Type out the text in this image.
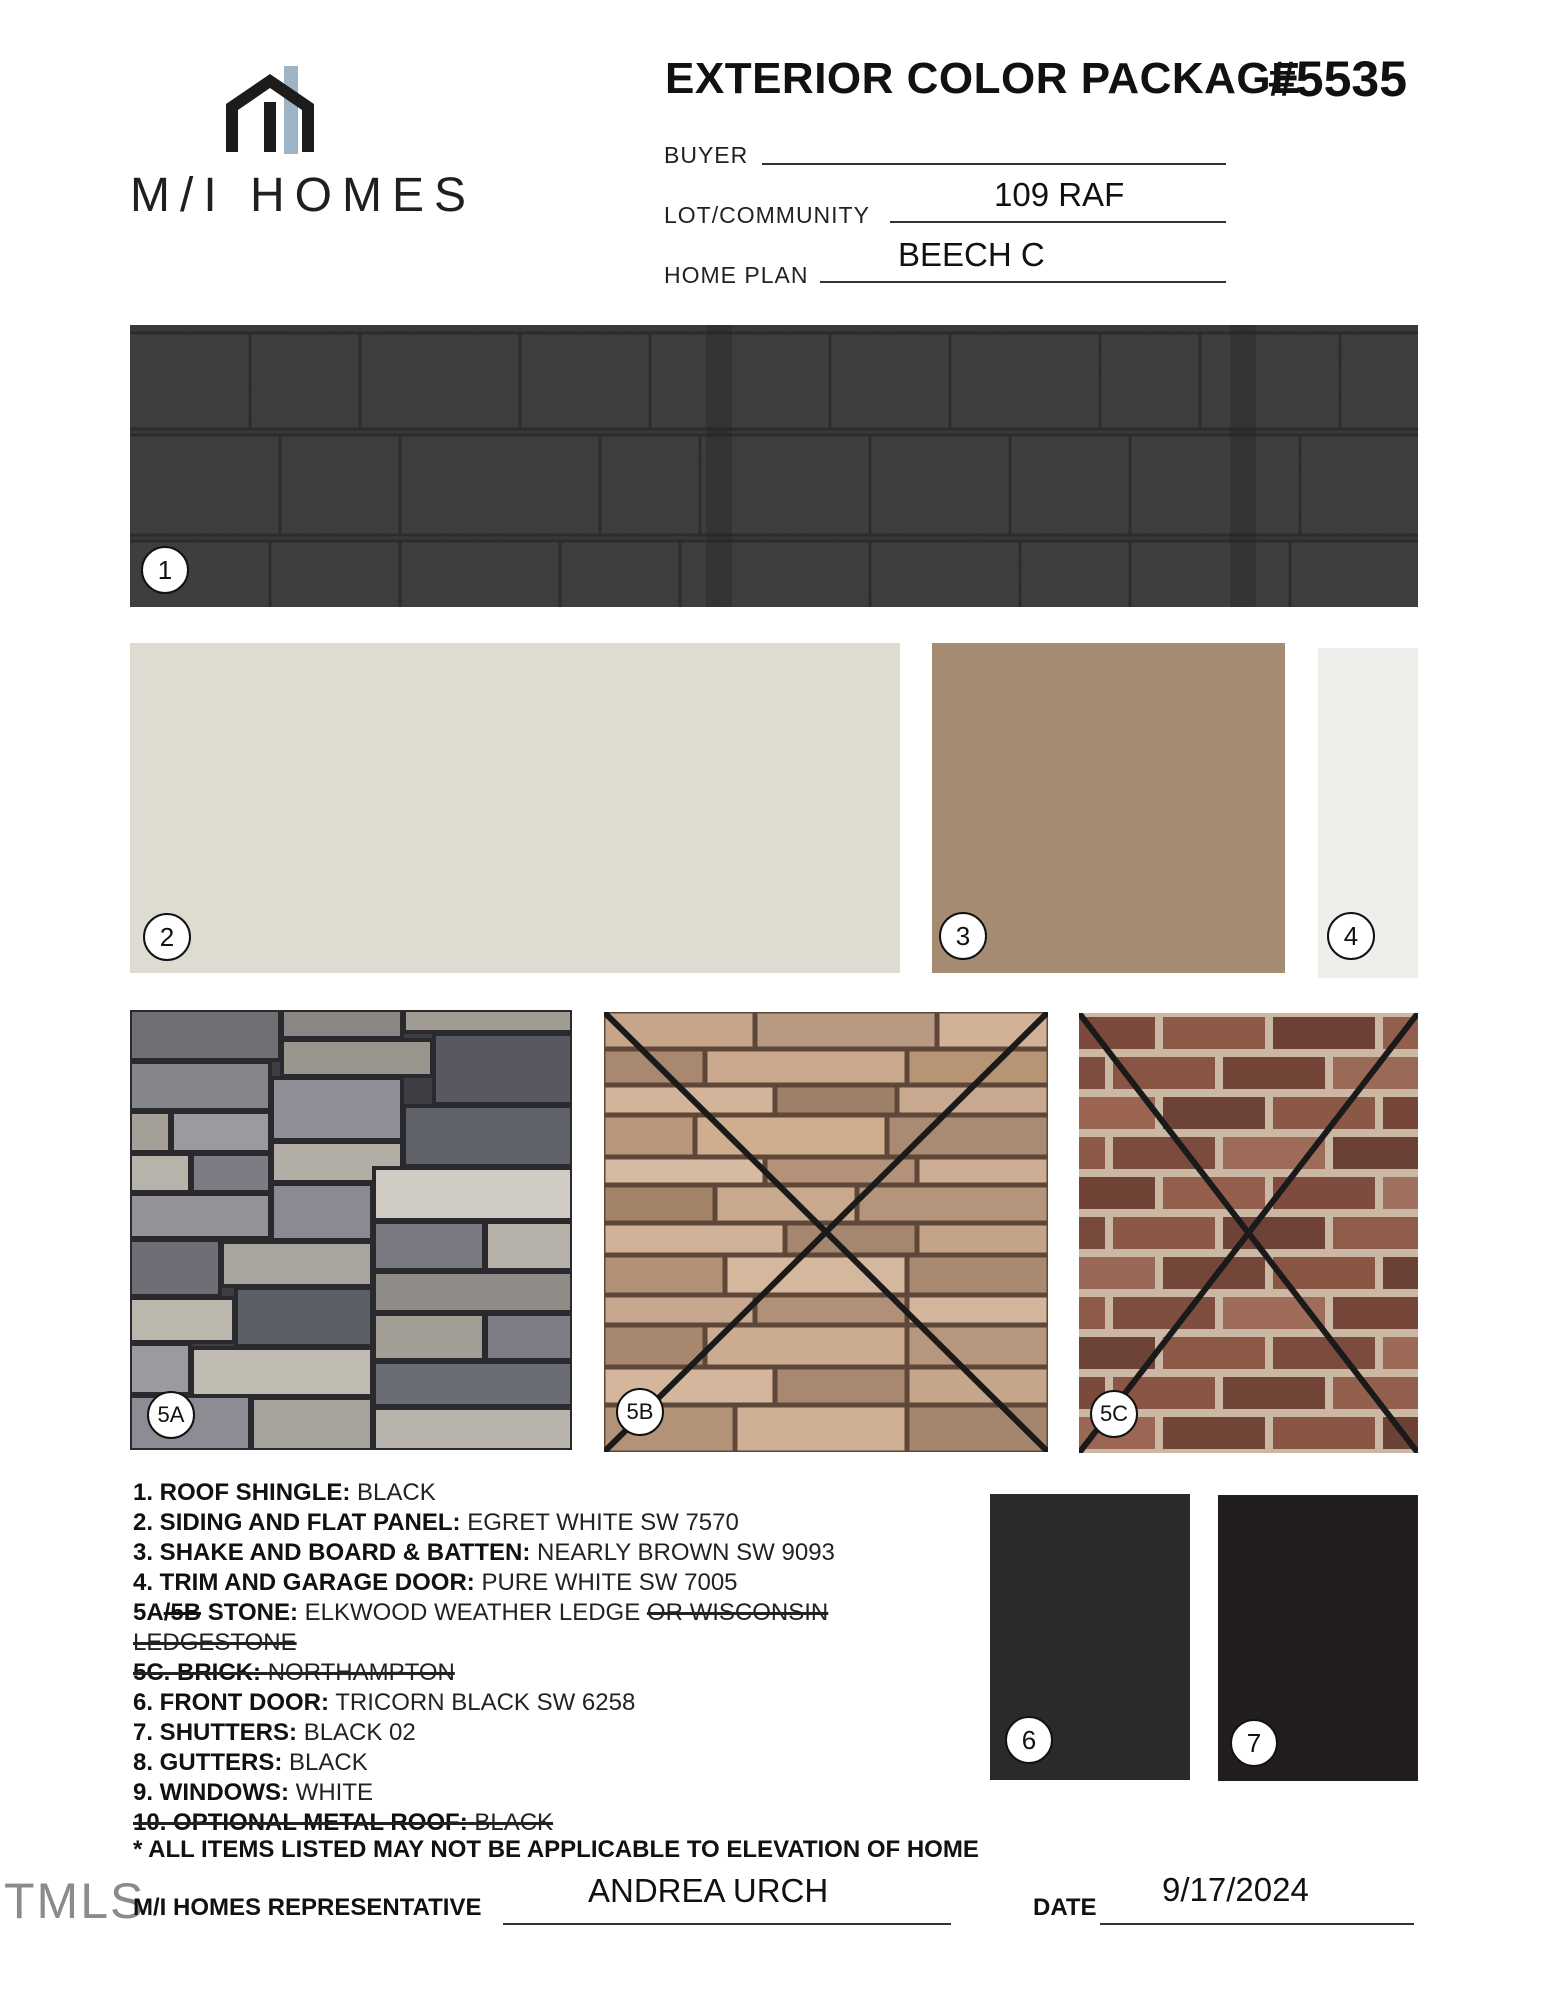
M/I HOMES
EXTERIOR COLOR PACKAGE
#5535
BUYER
LOT/COMMUNITY
109 RAF
HOME PLAN
BEECH C
1
2	3	4
5A	5B	5C
6	7
1. ROOF SHINGLE: BLACK
2. SIDING AND FLAT PANEL: EGRET WHITE SW 7570
3. SHAKE AND BOARD & BATTEN: NEARLY BROWN SW 9093
4. TRIM AND GARAGE DOOR: PURE WHITE SW 7005
5A/5B STONE: ELKWOOD WEATHER LEDGE OR WISCONSIN
LEDGESTONE
5C. BRICK: NORTHAMPTON
6. FRONT DOOR: TRICORN BLACK SW 6258
7. SHUTTERS: BLACK 02
8. GUTTERS: BLACK
9. WINDOWS: WHITE
10. OPTIONAL METAL ROOF: BLACK
* ALL ITEMS LISTED MAY NOT BE APPLICABLE TO ELEVATION OF HOME
TMLS
M/I HOMES REPRESENTATIVE	ANDREA URCH	DATE 9/17/2024
